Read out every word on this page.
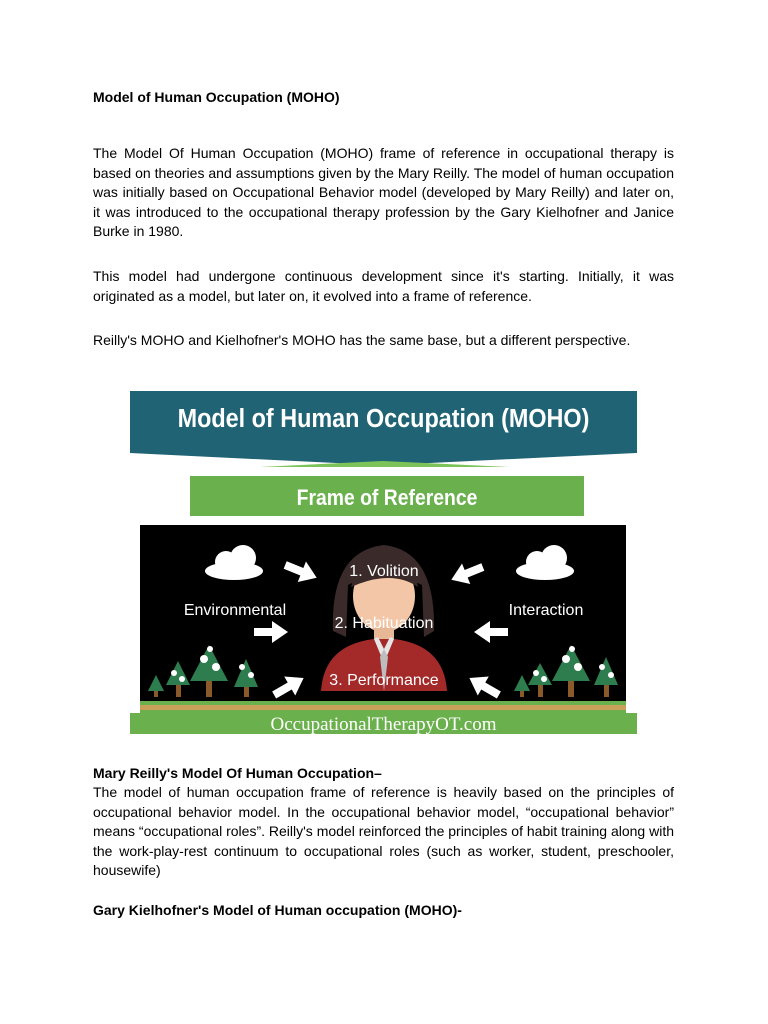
Model of Human Occupation (MOHO)

The Model Of Human Occupation (MOHO) frame of reference in occupational therapy is based on theories and assumptions given by the Mary Reilly. The model of human occupation was initially based on Occupational Behavior model (developed by Mary Reilly) and later on, it was introduced to the occupational therapy profession by the Gary Kielhofner and Janice Burke in 1980.

This model had undergone continuous development since it's starting. Initially, it was originated as a model, but later on, it evolved into a frame of reference.

Reilly's MOHO and Kielhofner's MOHO has the same base, but a different perspective.

Model of Human Occupation (MOHO)
Frame of Reference
1. Volition
2. Habituation
3. Performance
Environmental	Interaction
OccupationalTherapyOT.com

Mary Reilly's Model Of Human Occupation–

The model of human occupation frame of reference is heavily based on the principles of occupational behavior model. In the occupational behavior model, “occupational behavior” means “occupational roles”. Reilly's model reinforced the principles of habit training along with the work-play-rest continuum to occupational roles (such as worker, student, preschooler, housewife)

Gary Kielhofner's Model of Human occupation (MOHO)-
